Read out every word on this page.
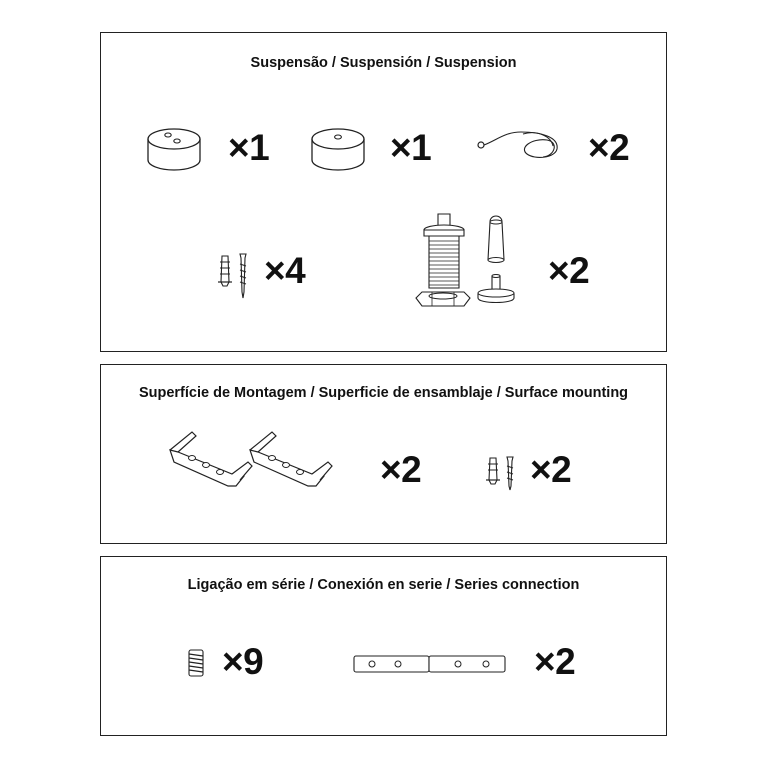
Suspensão / Suspensión / Suspension
×1	×1	×2
×4	×2
Superfície de Montagem / Superficie de ensamblaje / Surface mounting
×2	×2
Ligação em série / Conexión en serie / Series connection
×9	×2
